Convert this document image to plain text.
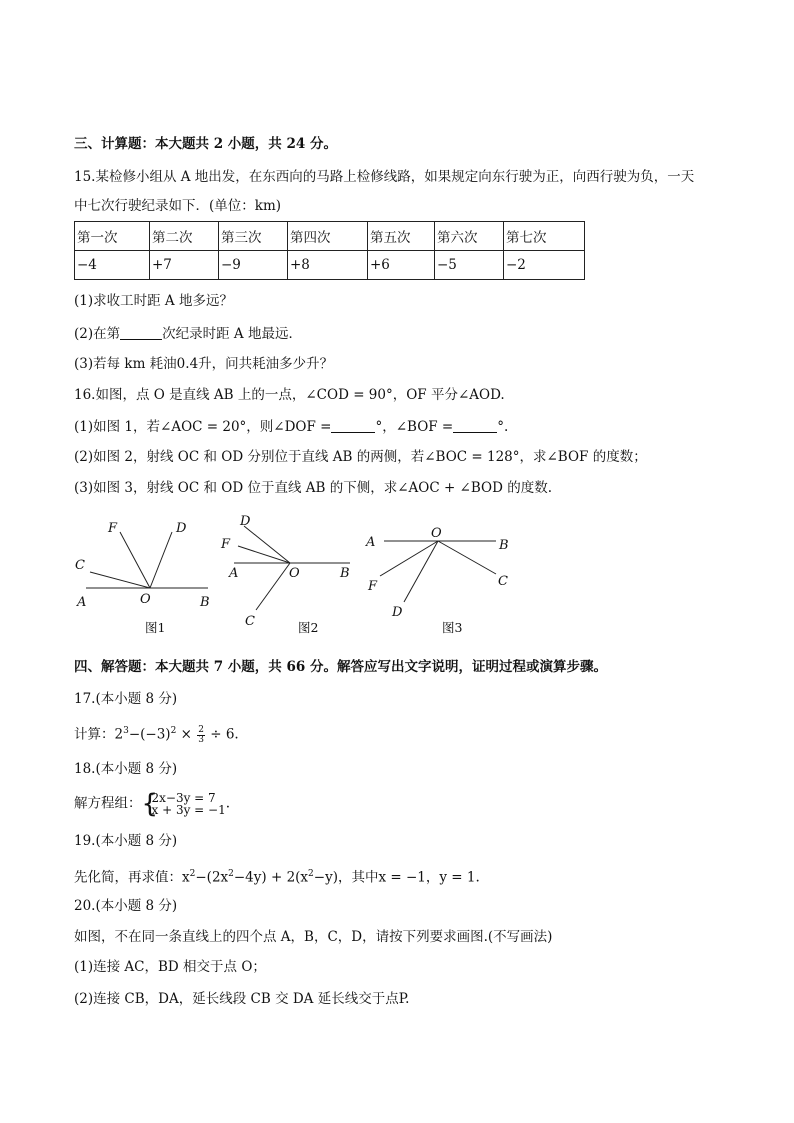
三、计算题：本大题共 2 小题，共 24 分。
15.某检修小组从 A 地出发，在东西向的马路上检修线路，如果规定向东行驶为正，向西行驶为负，一天
中七次行驶纪录如下．(单位：km)
第一次	第二次	第三次	第四次	第五次	第六次	第七次
−4	+7	−9	+8	+6	−5	−2
(1)求收工时距 A 地多远？
(2)在第	次纪录时距 A 地最远．
(3)若每 km 耗油0.4升，问共耗油多少升？
16.如图，点 O 是直线 AB 上的一点，∠COD = 90°，OF 平分∠AOD.
(1)如图 1，若∠AOC = 20°，则∠DOF =	°，∠BOF =	°.
(2)如图 2，射线 OC 和 OD 分别位于直线 AB 的两侧，若∠BOC = 128°，求∠BOF 的度数；
(3)如图 3，射线 OC 和 OD 位于直线 AB 的下侧，求∠AOC + ∠BOD 的度数.
F	D
C
A	O	B
图1
D
F
A	O	B
C	图2
A
O
B
F	C
D
图3
四、解答题：本大题共 7 小题，共 66 分。解答应写出文字说明，证明过程或演算步骤。
17.(本小题 8 分)
计算：$2^3-(-3)^2 \times \frac{2}{3} \div 6$.
18.(本小题 8 分)
解方程组： {
2x−3y = 7
x + 3y = −1 .
19.(本小题 8 分)
先化简，再求值：$x^2-(2x^2-4y) + 2(x^2-y)$，其中x = −1，y = 1.
20.(本小题 8 分)
如图，不在同一条直线上的四个点 A，B，C，D，请按下列要求画图.(不写画法)
(1)连接 AC，BD 相交于点 O；
(2)连接 CB，DA，延长线段 CB 交 DA 延长线交于点P.
